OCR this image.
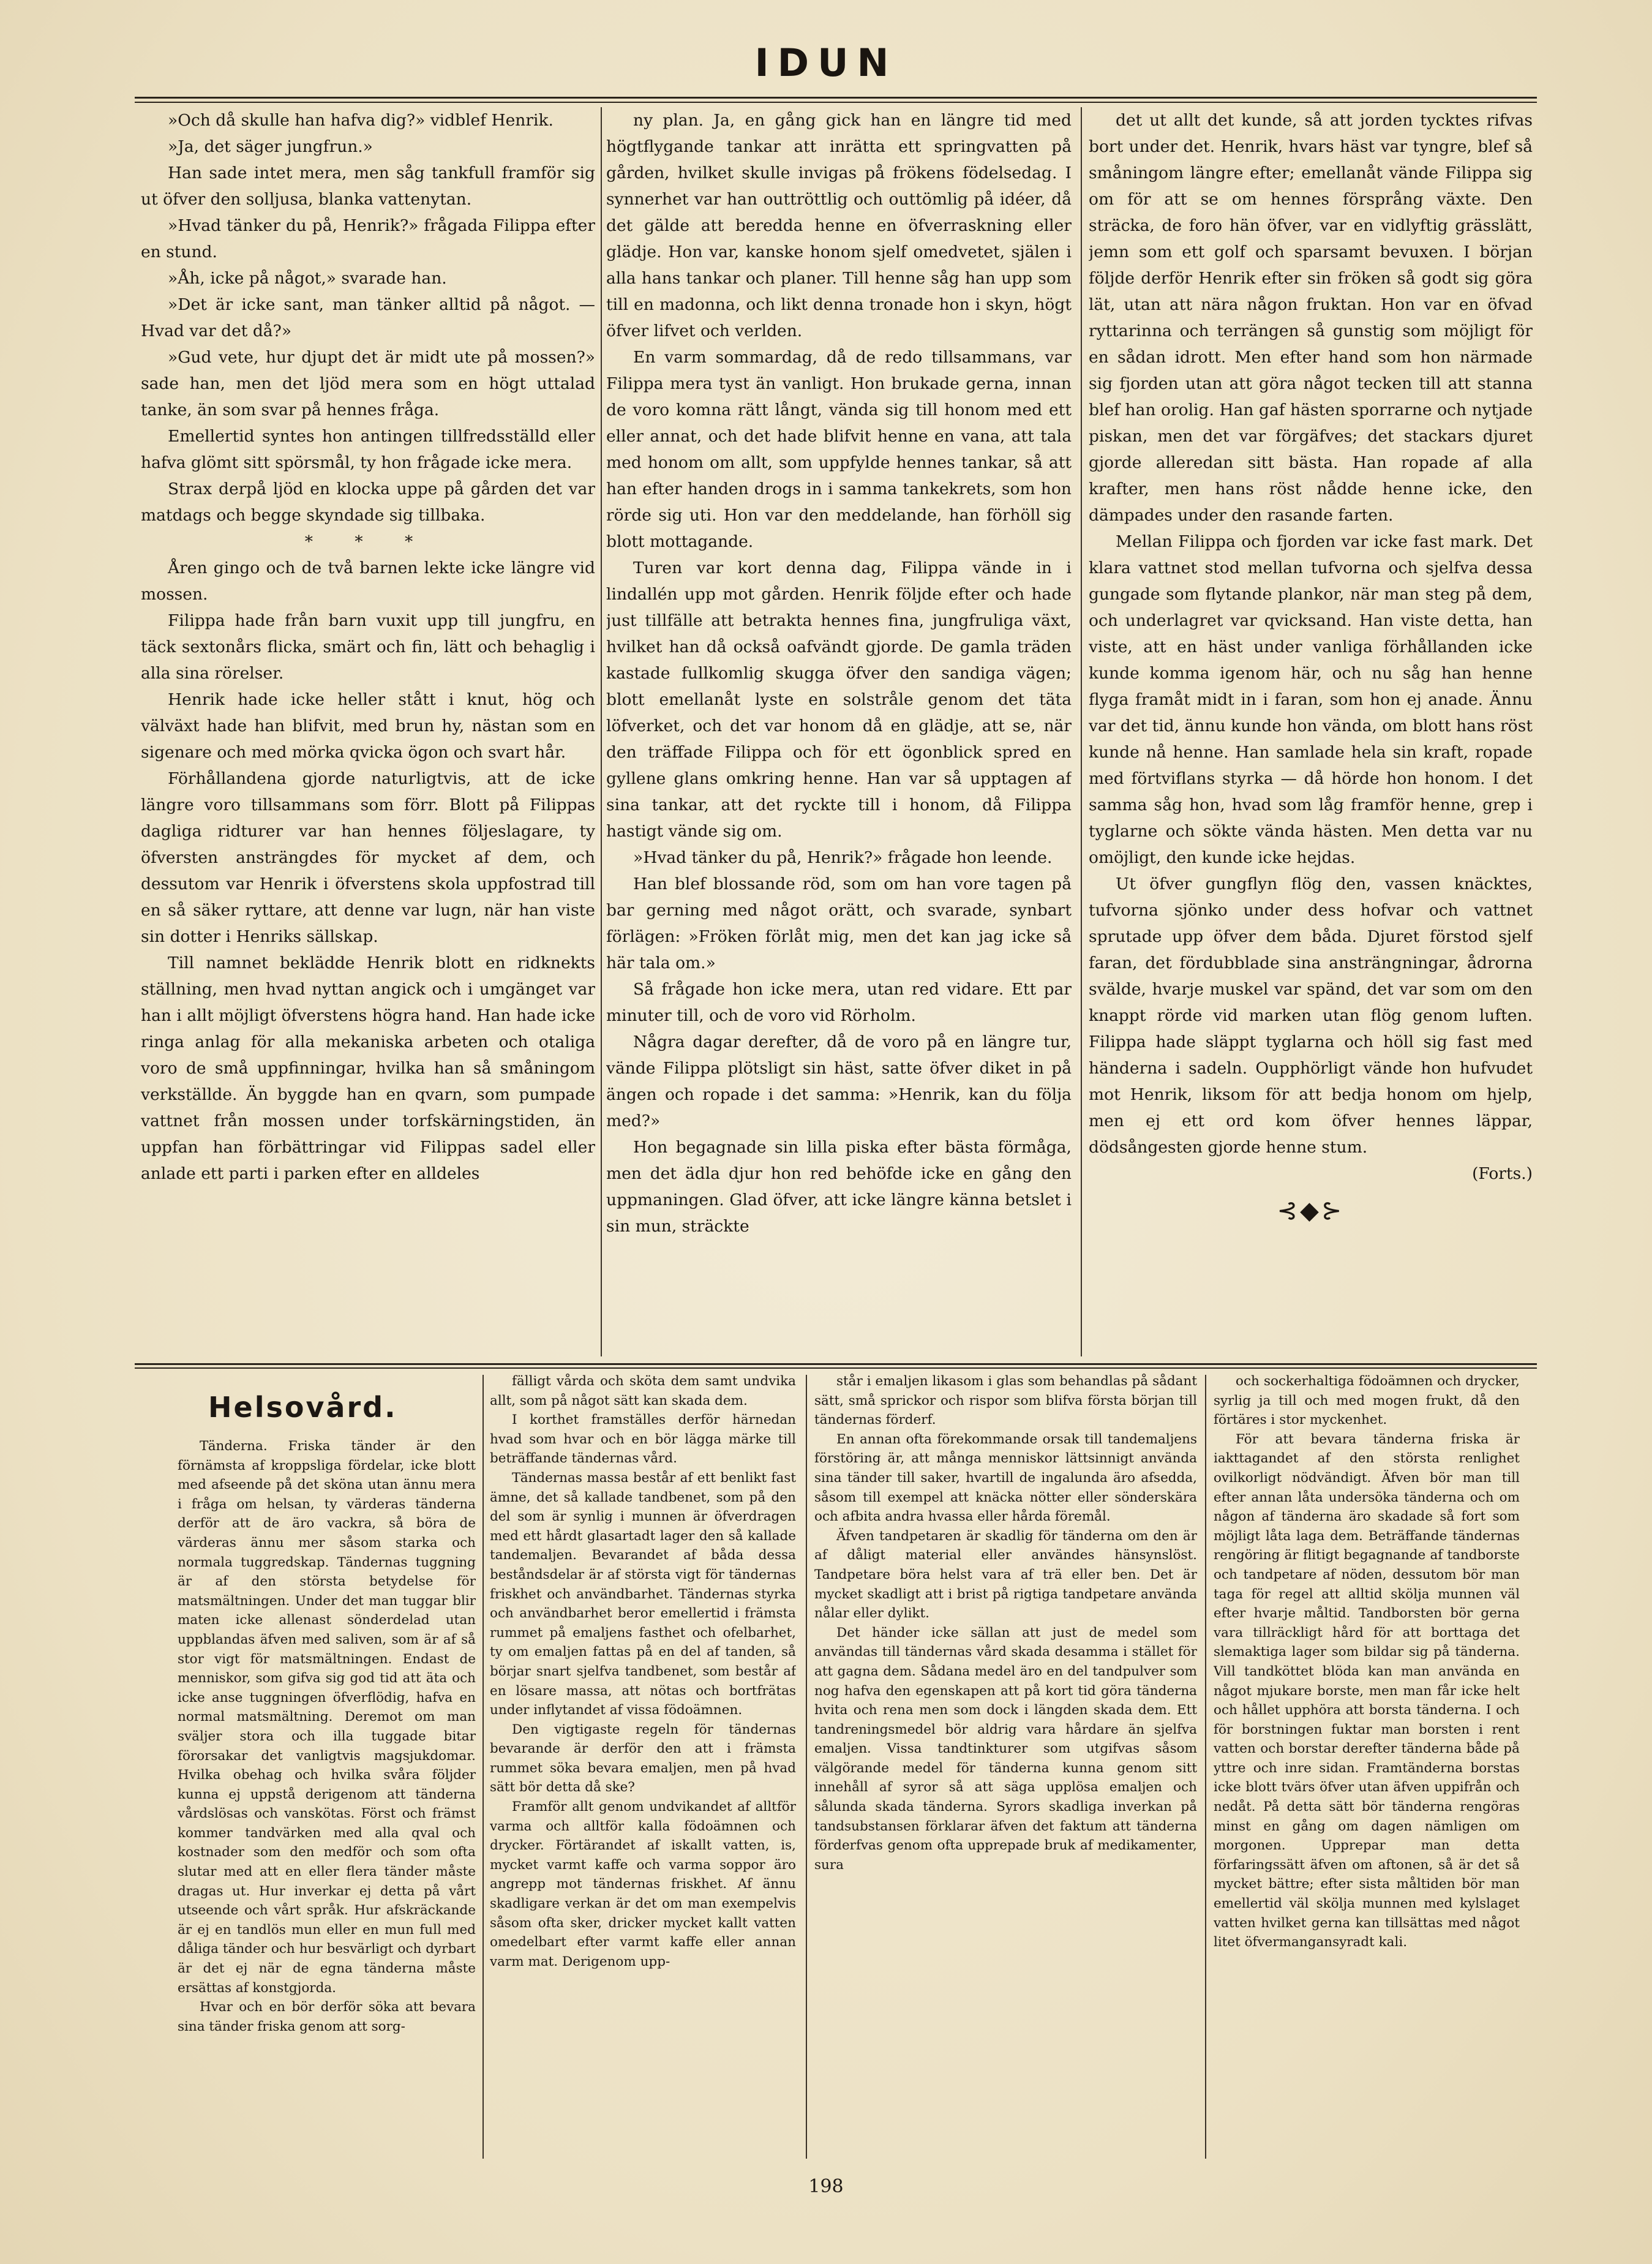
IDUN

»Och då skulle han hafva dig?» vidblef Henrik.

»Ja, det säger jungfrun.»

Han sade intet mera, men såg tankfull framför sig ut öfver den solljusa, blanka vattenytan.

»Hvad tänker du på, Henrik?» frågada Filippa efter en stund.

»Åh, icke på något,» svarade han.

»Det är icke sant, man tänker alltid på något. — Hvad var det då?»

»Gud vete, hur djupt det är midt ute på mossen?» sade han, men det ljöd mera som en högt uttalad tanke, än som svar på hennes fråga.

Emellertid syntes hon antingen tillfredsställd eller hafva glömt sitt spörsmål, ty hon frågade icke mera.

Strax derpå ljöd en klocka uppe på gården det var matdags och begge skyndade sig tillbaka.

* * *

Åren gingo och de två barnen lekte icke längre vid mossen.

Filippa hade från barn vuxit upp till jungfru, en täck sextonårs flicka, smärt och fin, lätt och behaglig i alla sina rörelser.

Henrik hade icke heller stått i knut, hög och välväxt hade han blifvit, med brun hy, nästan som en sigenare och med mörka qvicka ögon och svart hår.

Förhållandena gjorde naturligtvis, att de icke längre voro tillsammans som förr. Blott på Filippas dagliga ridturer var han hennes följeslagare, ty öfversten ansträngdes för mycket af dem, och dessutom var Henrik i öfverstens skola uppfostrad till en så säker ryttare, att denne var lugn, när han viste sin dotter i Henriks sällskap.

Till namnet beklädde Henrik blott en ridknekts ställning, men hvad nyttan angick och i umgänget var han i allt möjligt öfverstens högra hand. Han hade icke ringa anlag för alla mekaniska arbeten och otaliga voro de små uppfinningar, hvilka han så småningom verkställde. Än byggde han en qvarn, som pumpade vattnet från mossen under torfskärningstiden, än uppfan han förbättringar vid Filippas sadel eller anlade ett parti i parken efter en alldeles

ny plan. Ja, en gång gick han en längre tid med högtflygande tankar att inrätta ett springvatten på gården, hvilket skulle invigas på frökens födelsedag. I synnerhet var han outtröttlig och outtömlig på idéer, då det gälde att beredda henne en öfverraskning eller glädje. Hon var, kanske honom sjelf omedvetet, själen i alla hans tankar och planer. Till henne såg han upp som till en madonna, och likt denna tronade hon i skyn, högt öfver lifvet och verlden.

En varm sommardag, då de redo tillsammans, var Filippa mera tyst än vanligt. Hon brukade gerna, innan de voro komna rätt långt, vända sig till honom med ett eller annat, och det hade blifvit henne en vana, att tala med honom om allt, som uppfylde hennes tankar, så att han efter handen drogs in i samma tankekrets, som hon rörde sig uti. Hon var den meddelande, han förhöll sig blott mottagande.

Turen var kort denna dag, Filippa vände in i lindallén upp mot gården. Henrik följde efter och hade just tillfälle att betrakta hennes fina, jungfruliga växt, hvilket han då också oafvändt gjorde. De gamla träden kastade fullkomlig skugga öfver den sandiga vägen; blott emellanåt lyste en solstråle genom det täta löfverket, och det var honom då en glädje, att se, när den träffade Filippa och för ett ögonblick spred en gyllene glans omkring henne. Han var så upptagen af sina tankar, att det ryckte till i honom, då Filippa hastigt vände sig om.

»Hvad tänker du på, Henrik?» frågade hon leende.

Han blef blossande röd, som om han vore tagen på bar gerning med något orätt, och svarade, synbart förlägen: »Fröken förlåt mig, men det kan jag icke så här tala om.»

Så frågade hon icke mera, utan red vidare. Ett par minuter till, och de voro vid Rörholm.

Några dagar derefter, då de voro på en längre tur, vände Filippa plötsligt sin häst, satte öfver diket in på ängen och ropade i det samma: »Henrik, kan du följa med?»

Hon begagnade sin lilla piska efter bästa förmåga, men det ädla djur hon red behöfde icke en gång den uppmaningen. Glad öfver, att icke längre känna betslet i sin mun, sträckte

det ut allt det kunde, så att jorden tycktes rifvas bort under det. Henrik, hvars häst var tyngre, blef så småningom längre efter; emellanåt vände Filippa sig om för att se om hennes försprång växte. Den sträcka, de foro hän öfver, var en vidlyftig grässlätt, jemn som ett golf och sparsamt bevuxen. I början följde derför Henrik efter sin fröken så godt sig göra lät, utan att nära någon fruktan. Hon var en öfvad ryttarinna och terrängen så gunstig som möjligt för en sådan idrott. Men efter hand som hon närmade sig fjorden utan att göra något tecken till att stanna blef han orolig. Han gaf hästen sporrarne och nytjade piskan, men det var förgäfves; det stackars djuret gjorde alleredan sitt bästa. Han ropade af alla krafter, men hans röst nådde henne icke, den dämpades under den rasande farten.

Mellan Filippa och fjorden var icke fast mark. Det klara vattnet stod mellan tufvorna och sjelfva dessa gungade som flytande plankor, när man steg på dem, och underlagret var qvicksand. Han viste detta, han viste, att en häst under vanliga förhållanden icke kunde komma igenom här, och nu såg han henne flyga framåt midt in i faran, som hon ej anade. Ännu var det tid, ännu kunde hon vända, om blott hans röst kunde nå henne. Han samlade hela sin kraft, ropade med förtviflans styrka — då hörde hon honom. I det samma såg hon, hvad som låg framför henne, grep i tyglarne och sökte vända hästen. Men detta var nu omöjligt, den kunde icke hejdas.

Ut öfver gungflyn flög den, vassen knäcktes, tufvorna sjönko under dess hofvar och vattnet sprutade upp öfver dem båda. Djuret förstod sjelf faran, det fördubblade sina ansträngningar, ådrorna svälde, hvarje muskel var spänd, det var som om den knappt rörde vid marken utan flög genom luften. Filippa hade släppt tyglarna och höll sig fast med händerna i sadeln. Oupphörligt vände hon hufvudet mot Henrik, liksom för att bedja honom om hjelp, men ej ett ord kom öfver hennes läppar, dödsångesten gjorde henne stum.

(Forts.)

⊰◆⊱
Helsovård.

Tänderna. Friska tänder är den förnämsta af kroppsliga fördelar, icke blott med afseende på det sköna utan ännu mera i fråga om helsan, ty värderas tänderna derför att de äro vackra, så böra de värderas ännu mer såsom starka och normala tuggredskap. Tändernas tuggning är af den största betydelse för matsmältningen. Under det man tuggar blir maten icke allenast sönderdelad utan uppblandas äfven med saliven, som är af så stor vigt för matsmältningen. Endast de menniskor, som gifva sig god tid att äta och icke anse tuggningen öfverflödig, hafva en normal matsmältning. Deremot om man sväljer stora och illa tuggade bitar förorsakar det vanligtvis magsjukdomar. Hvilka obehag och hvilka svåra följder kunna ej uppstå derigenom att tänderna vårdslösas och vanskötas. Först och främst kommer tandvärken med alla qval och kostnader som den medför och som ofta slutar med att en eller flera tänder måste dragas ut. Hur inverkar ej detta på vårt utseende och vårt språk. Hur afskräckande är ej en tandlös mun eller en mun full med dåliga tänder och hur besvärligt och dyrbart är det ej när de egna tänderna måste ersättas af konstgjorda.

Hvar och en bör derför söka att bevara sina tänder friska genom att sorg-

fälligt vårda och sköta dem samt undvika allt, som på något sätt kan skada dem.

I korthet framställes derför härnedan hvad som hvar och en bör lägga märke till beträffande tändernas vård.

Tändernas massa består af ett benlikt fast ämne, det så kallade tandbenet, som på den del som är synlig i munnen är öfverdragen med ett hårdt glasartadt lager den så kallade tandemaljen. Bevarandet af båda dessa beståndsdelar är af största vigt för tändernas friskhet och användbarhet. Tändernas styrka och användbarhet beror emellertid i främsta rummet på emaljens fasthet och ofelbarhet, ty om emaljen fattas på en del af tanden, så börjar snart sjelfva tandbenet, som består af en lösare massa, att nötas och bortfrätas under inflytandet af vissa födoämnen.

Den vigtigaste regeln för tändernas bevarande är derför den att i främsta rummet söka bevara emaljen, men på hvad sätt bör detta då ske?

Framför allt genom undvikandet af alltför varma och alltför kalla födoämnen och drycker. Förtärandet af iskallt vatten, is, mycket varmt kaffe och varma soppor äro angrepp mot tändernas friskhet. Af ännu skadligare verkan är det om man exempelvis såsom ofta sker, dricker mycket kallt vatten omedelbart efter varmt kaffe eller annan varm mat. Derigenom upp-

står i emaljen likasom i glas som behandlas på sådant sätt, små sprickor och rispor som blifva första början till tändernas förderf.

En annan ofta förekommande orsak till tandemaljens förstöring är, att många menniskor lättsinnigt använda sina tänder till saker, hvartill de ingalunda äro afsedda, såsom till exempel att knäcka nötter eller sönderskära och afbita andra hvassa eller hårda föremål.

Äfven tandpetaren är skadlig för tänderna om den är af dåligt material eller användes hänsynslöst. Tandpetare böra helst vara af trä eller ben. Det är mycket skadligt att i brist på rigtiga tandpetare använda nålar eller dylikt.

Det händer icke sällan att just de medel som användas till tändernas vård skada desamma i stället för att gagna dem. Sådana medel äro en del tandpulver som nog hafva den egenskapen att på kort tid göra tänderna hvita och rena men som dock i längden skada dem. Ett tandreningsmedel bör aldrig vara hårdare än sjelfva emaljen. Vissa tandtinkturer som utgifvas såsom välgörande medel för tänderna kunna genom sitt innehåll af syror så att säga upplösa emaljen och sålunda skada tänderna. Syrors skadliga inverkan på tandsubstansen förklarar äfven det faktum att tänderna förderfvas genom ofta upprepade bruk af medikamenter, sura

och sockerhaltiga födoämnen och drycker, syrlig ja till och med mogen frukt, då den förtäres i stor myckenhet.

För att bevara tänderna friska är iakttagandet af den största renlighet ovilkorligt nödvändigt. Äfven bör man till efter annan låta undersöka tänderna och om någon af tänderna äro skadade så fort som möjligt låta laga dem. Beträffande tändernas rengöring är flitigt begagnande af tandborste och tandpetare af nöden, dessutom bör man taga för regel att alltid skölja munnen väl efter hvarje måltid. Tandborsten bör gerna vara tillräckligt hård för att borttaga det slemaktiga lager som bildar sig på tänderna. Vill tandköttet blöda kan man använda en något mjukare borste, men man får icke helt och hållet upphöra att borsta tänderna. I och för borstningen fuktar man borsten i rent vatten och borstar derefter tänderna både på yttre och inre sidan. Framtänderna borstas icke blott tvärs öfver utan äfven uppifrån och nedåt. På detta sätt bör tänderna rengöras minst en gång om dagen nämligen om morgonen. Upprepar man detta förfaringssätt äfven om aftonen, så är det så mycket bättre; efter sista måltiden bör man emellertid väl skölja munnen med kylslaget vatten hvilket gerna kan tillsättas med något litet öfvermangansyradt kali.

198
